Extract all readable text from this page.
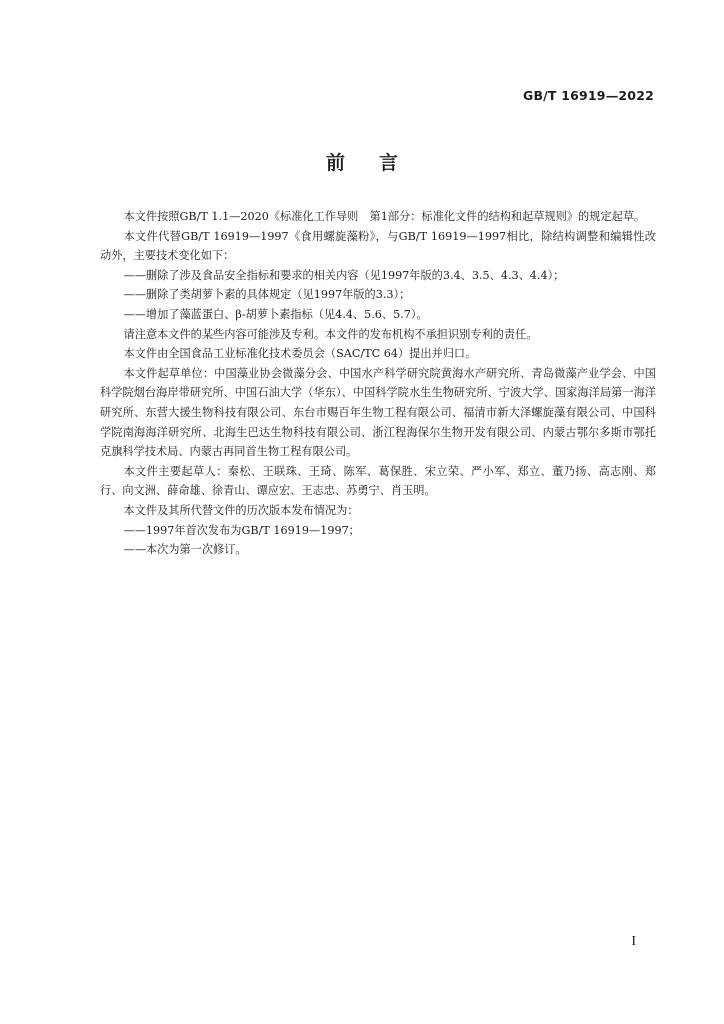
GB/T 16919—2022
前言

本文件按照GB/T 1.1—2020《标准化工作导则　第1部分：标准化文件的结构和起草规则》的规定起草。

本文件代替GB/T 16919—1997《食用螺旋藻粉》，与GB/T 16919—1997相比，除结构调整和编辑性改动外，主要技术变化如下：

——删除了涉及食品安全指标和要求的相关内容（见1997年版的3.4、3.5、4.3、4.4）；

——删除了类胡萝卜素的具体规定（见1997年版的3.3）；

——增加了藻蓝蛋白、β-胡萝卜素指标（见4.4、5.6、5.7）。

请注意本文件的某些内容可能涉及专利。本文件的发布机构不承担识别专利的责任。

本文件由全国食品工业标准化技术委员会（SAC/TC 64）提出并归口。

本文件起草单位：中国藻业协会微藻分会、中国水产科学研究院黄海水产研究所、青岛微藻产业学会、中国科学院烟台海岸带研究所、中国石油大学（华东）、中国科学院水生生物研究所、宁波大学、国家海洋局第一海洋研究所、东营大援生物科技有限公司、东台市赐百年生物工程有限公司、福清市新大泽螺旋藻有限公司、中国科学院南海海洋研究所、北海生巴达生物科技有限公司、浙江程海保尔生物开发有限公司、内蒙古鄂尔多斯市鄂托克旗科学技术局、内蒙古再同首生物工程有限公司。

本文件主要起草人：秦松、王联珠、王琦、陈军、葛保胜、宋立荣、严小军、郑立、董乃扬、高志刚、郑行、向文洲、薛命雄、徐青山、谭应宏、王志忠、苏勇宁、肖玉明。

本文件及其所代替文件的历次版本发布情况为：

——1997年首次发布为GB/T 16919—1997；

——本次为第一次修订。

I
